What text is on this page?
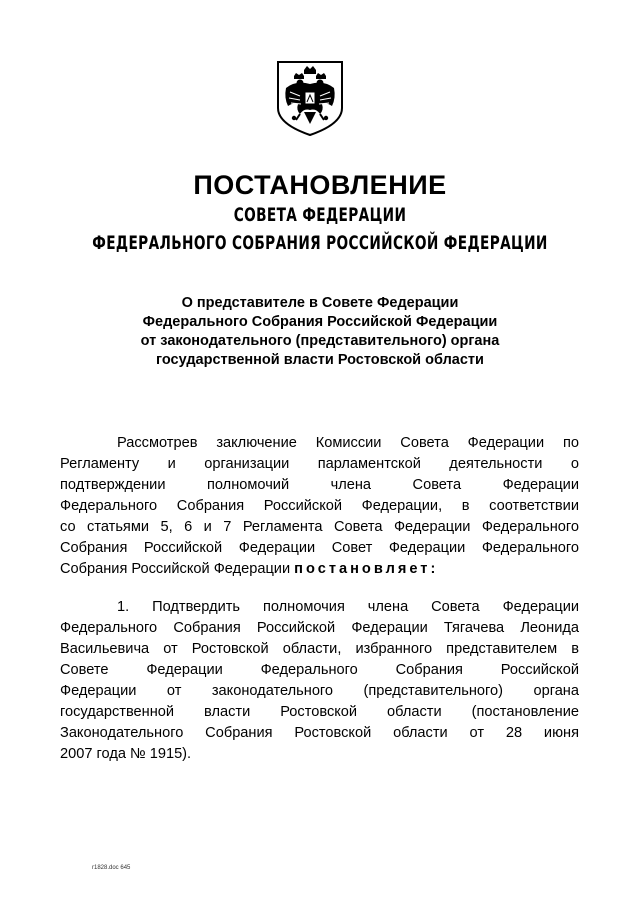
ПОСТАНОВЛЕНИЕ
СОВЕТА ФЕДЕРАЦИИ
ФЕДЕРАЛЬНОГО СОБРАНИЯ РОССИЙСКОЙ ФЕДЕРАЦИИ
О представителе в Совете Федерации
Федерального Собрания Российской Федерации
от законодательного (представительного) органа
государственной власти Ростовской области
Рассмотрев заключение Комиссии Совета Федерации по
Регламенту и организации парламентской деятельности о
подтверждении полномочий члена Совета Федерации
Федерального Собрания Российской Федерации, в соответствии
со статьями 5, 6 и 7 Регламента Совета Федерации Федерального
Собрания Российской Федерации Совет Федерации Федерального
Собрания Российской Федерации постановляет:
1. Подтвердить полномочия члена Совета Федерации
Федерального Собрания Российской Федерации Тягачева Леонида
Васильевича от Ростовской области, избранного представителем в
Совете Федерации Федерального Собрания Российской
Федерации от законодательного (представительного) органа
государственной власти Ростовской области (постановление
Законодательного Собрания Ростовской области от 28 июня
2007 года № 1915).
r1828.doc 645
